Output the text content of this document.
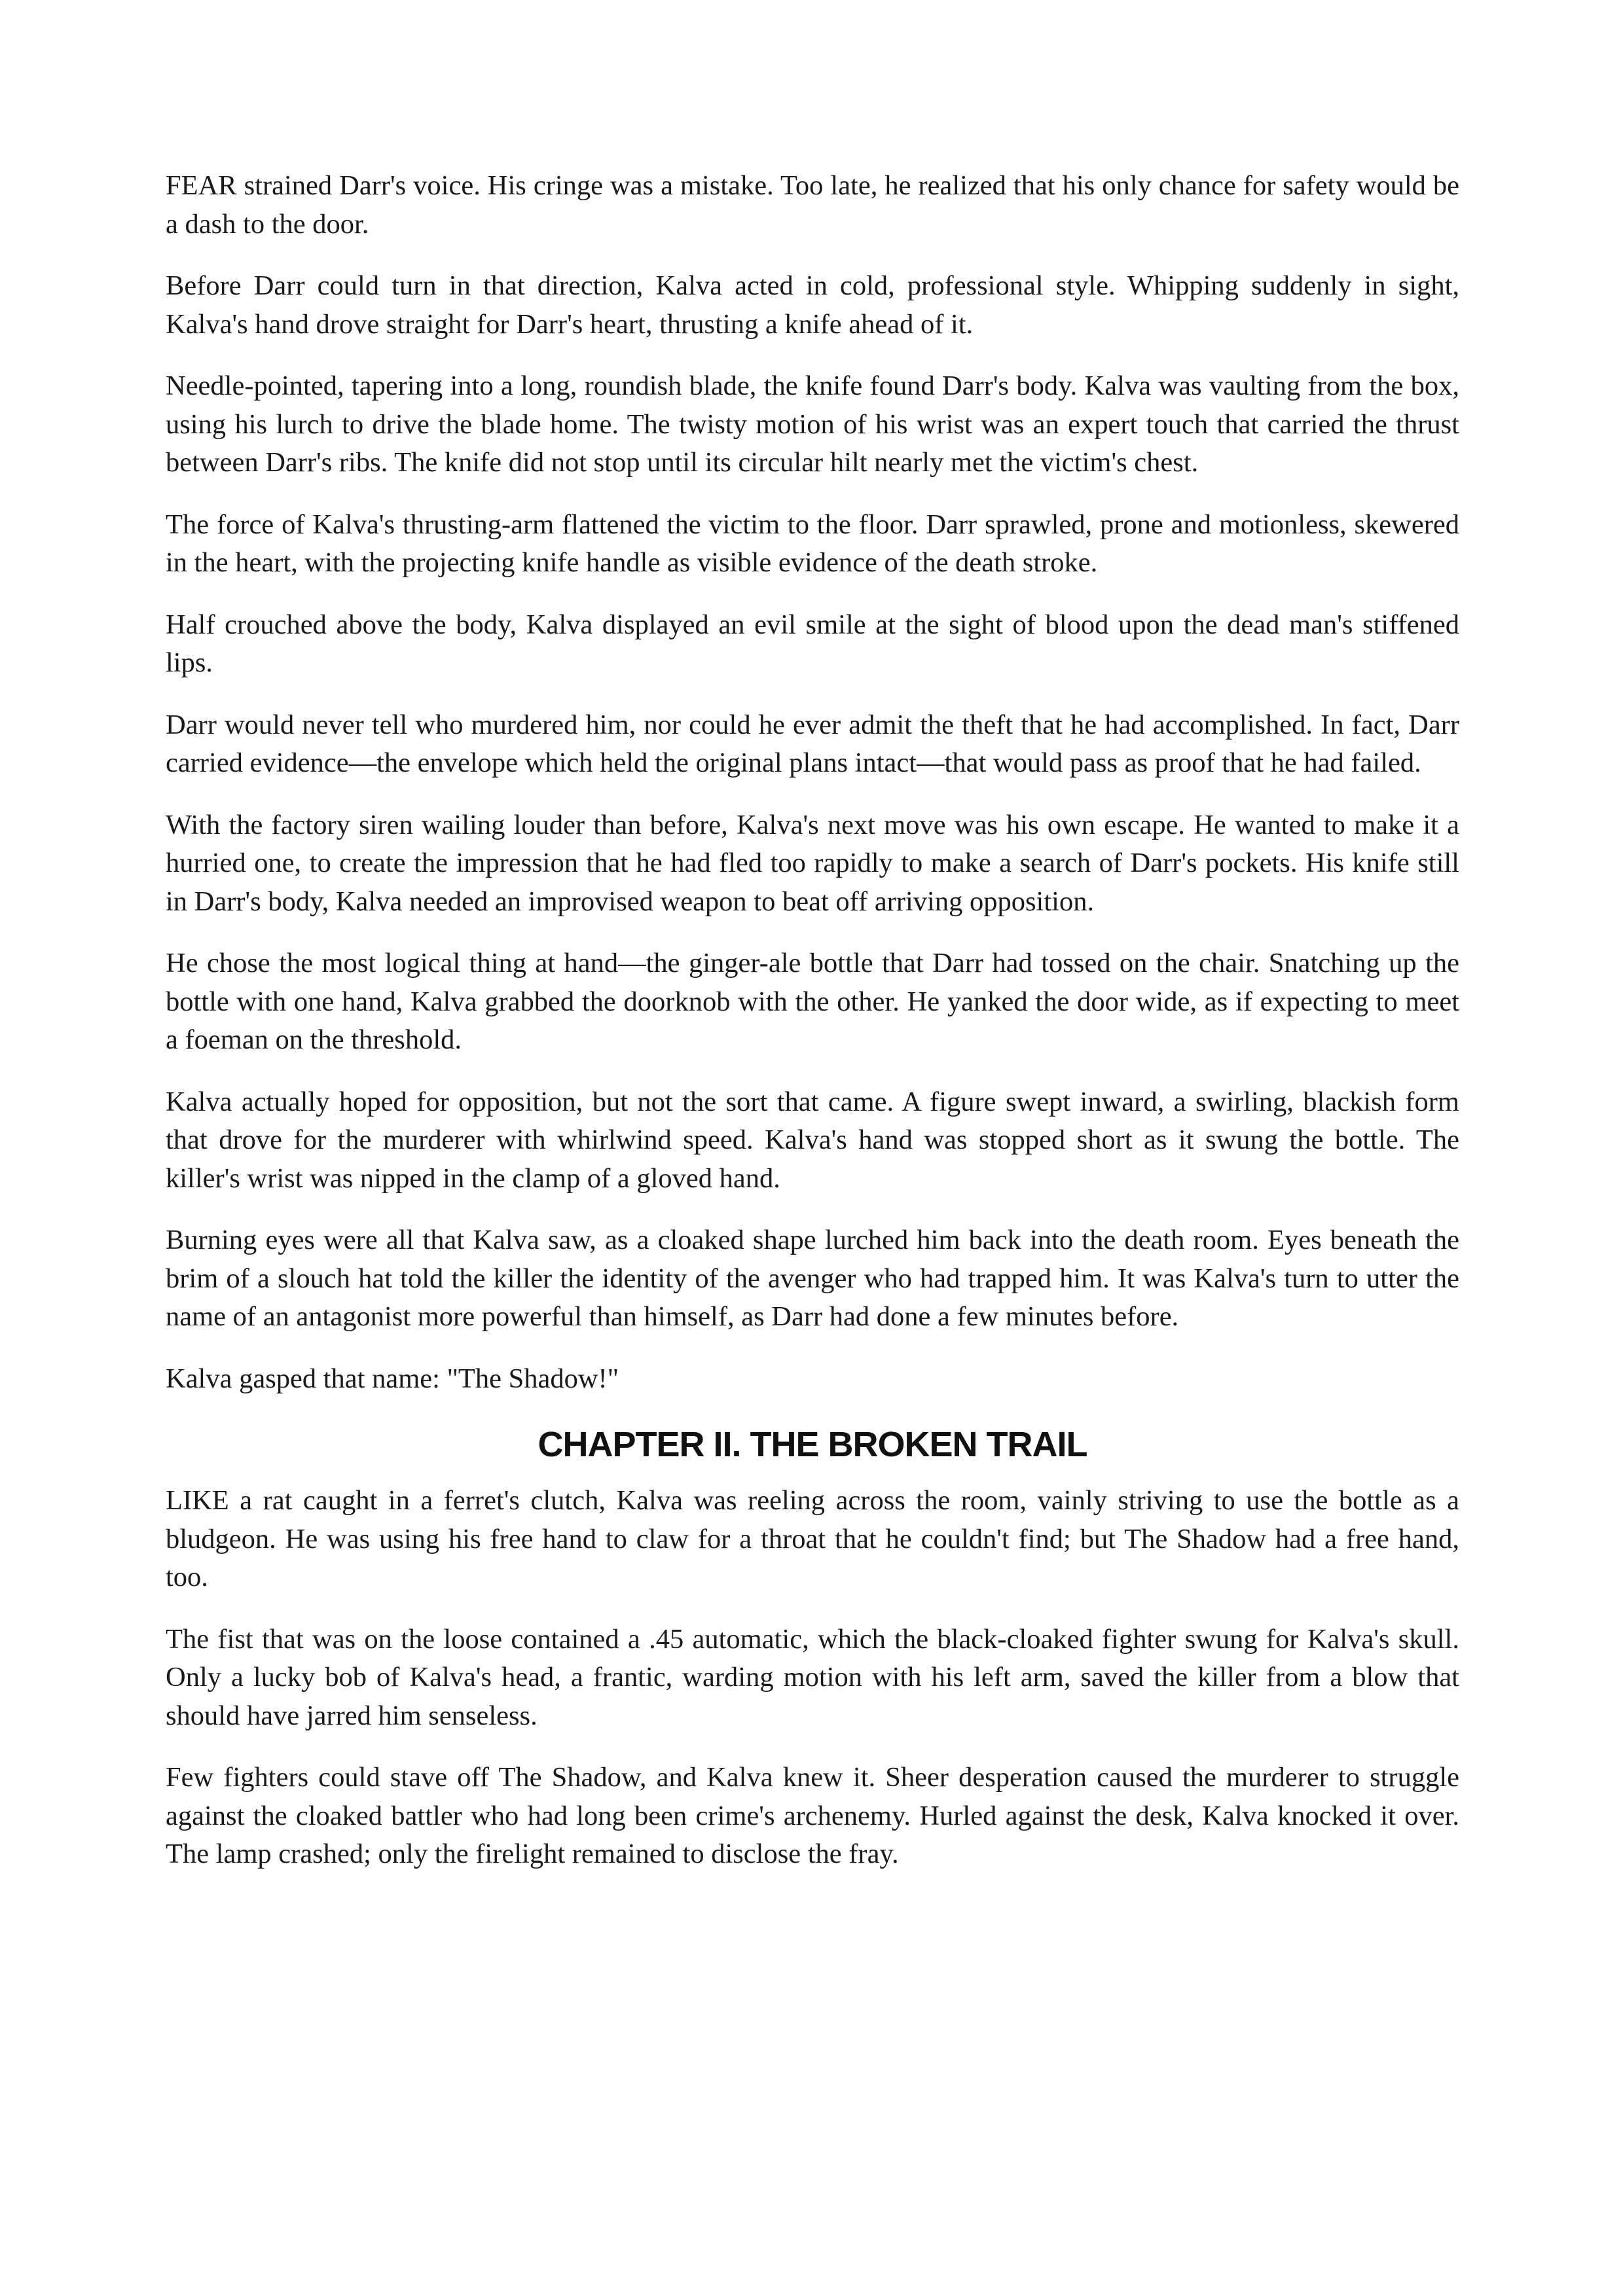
FEAR strained Darr's voice. His cringe was a mistake. Too late, he realized that his only chance for safety would be a dash to the door.

Before Darr could turn in that direction, Kalva acted in cold, professional style. Whipping suddenly in sight, Kalva's hand drove straight for Darr's heart, thrusting a knife ahead of it.

Needle-pointed, tapering into a long, roundish blade, the knife found Darr's body. Kalva was vaulting from the box, using his lurch to drive the blade home. The twisty motion of his wrist was an expert touch that carried the thrust between Darr's ribs. The knife did not stop until its circular hilt nearly met the victim's chest.

The force of Kalva's thrusting-arm flattened the victim to the floor. Darr sprawled, prone and motionless, skewered in the heart, with the projecting knife handle as visible evidence of the death stroke.

Half crouched above the body, Kalva displayed an evil smile at the sight of blood upon the dead man's stiffened lips.

Darr would never tell who murdered him, nor could he ever admit the theft that he had accomplished. In fact, Darr carried evidence—the envelope which held the original plans intact—that would pass as proof that he had failed.

With the factory siren wailing louder than before, Kalva's next move was his own escape. He wanted to make it a hurried one, to create the impression that he had fled too rapidly to make a search of Darr's pockets. His knife still in Darr's body, Kalva needed an improvised weapon to beat off arriving opposition.

He chose the most logical thing at hand—the ginger-ale bottle that Darr had tossed on the chair. Snatching up the bottle with one hand, Kalva grabbed the doorknob with the other. He yanked the door wide, as if expecting to meet a foeman on the threshold.

Kalva actually hoped for opposition, but not the sort that came. A figure swept inward, a swirling, blackish form that drove for the murderer with whirlwind speed. Kalva's hand was stopped short as it swung the bottle. The killer's wrist was nipped in the clamp of a gloved hand.

Burning eyes were all that Kalva saw, as a cloaked shape lurched him back into the death room. Eyes beneath the brim of a slouch hat told the killer the identity of the avenger who had trapped him. It was Kalva's turn to utter the name of an antagonist more powerful than himself, as Darr had done a few minutes before.

Kalva gasped that name: "The Shadow!"

CHAPTER II. THE BROKEN TRAIL

LIKE a rat caught in a ferret's clutch, Kalva was reeling across the room, vainly striving to use the bottle as a bludgeon. He was using his free hand to claw for a throat that he couldn't find; but The Shadow had a free hand, too.

The fist that was on the loose contained a .45 automatic, which the black-cloaked fighter swung for Kalva's skull. Only a lucky bob of Kalva's head, a frantic, warding motion with his left arm, saved the killer from a blow that should have jarred him senseless.

Few fighters could stave off The Shadow, and Kalva knew it. Sheer desperation caused the murderer to struggle against the cloaked battler who had long been crime's archenemy. Hurled against the desk, Kalva knocked it over. The lamp crashed; only the firelight remained to disclose the fray.
